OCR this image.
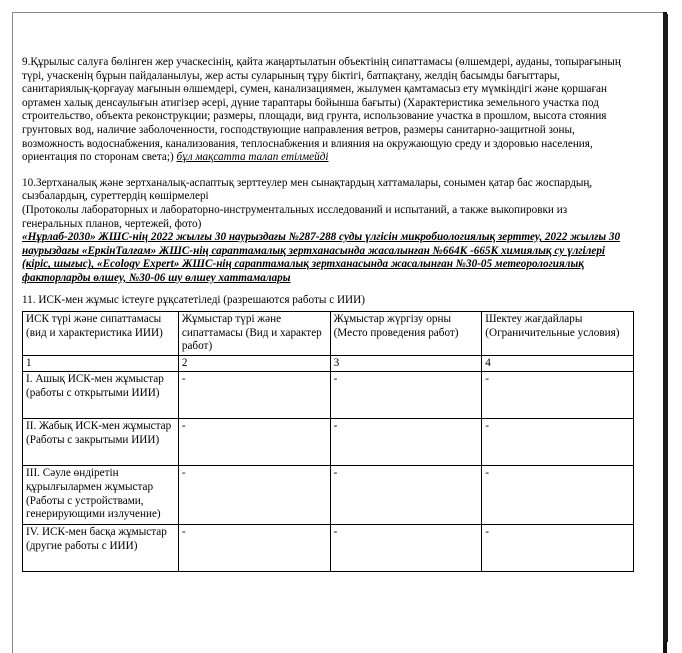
9.Құрылыс салуға бөлінген жер учаскесінің, қайта жаңартылатын объектінің сипаттамасы (өлшемдері, ауданы, топырағының түрі, учаскенің бұрын пайдаланылуы, жер асты суларының тұру біктігі, батпақтану, желдің басымды бағыттары, санитариялық-қорғауау мағынын өлшемдері, сумен, канализациямен, жылумен қамтамасыз ету мүмкіндігі және қоршаған ортамен халық денсаулығын атигізер әсері, дүние тараптары бойынша бағыты) (Характеристика земельного участка под строительство, объекта реконструкции; размеры, площади, вид грунта, использование участка в прошлом, высота стояния грунтовых вод, наличие заболоченности, господствующие направления ветров, размеры санитарно-защитной зоны, возможность водоснабжения, канализования, теплоснабжения и влияния на окружающую среду и здоровью населения, ориентация по сторонам света;) бұл мақсатта талап етілмейді

10.Зертханалық және зертханалық-аспаптық зерттеулер мен сынақтардың хаттамалары, сонымен қатар бас жоспардың, сызбалардың, суреттердің көшірмелері
(Протоколы лабораторных и лабораторно-инструментальных исследований и испытаний, а также выкопировки из генеральных планов, чертежей, фото)
«Нұрлаб-2030» ЖШС-нің 2022 жылғы 30 наурыздағы №287-288 суды үлгісін микробиологиялық зерттеу, 2022 жылғы 30 наурыздағы «ЕркінТалғам» ЖШС-нің сараптамалық зертханасында жасалынған №664К -665К химиялық су үлгілері (кіріс, шығыс), «Ecology Expert» ЖШС-нің сараптамалық зертханасында жасалынған №30-05 метеорологиялық факторларды өлшеу, №30-06 шу өлшеу хаттамалары

11. ИСК-мен жұмыс істеуге рұқсатетіледі (разрешаются работы с ИИИ)

ИСК түрі және сипаттамасы (вид и характеристика ИИИ)	Жұмыстар түрі және сипаттамасы (Вид и характер работ)	Жұмыстар жүргізу орны (Место проведения работ)	Шектеу жағдайлары (Ограничительные условия)
1	2	3	4
І. Ашық ИСК-мен жұмыстар (работы с открытыми ИИИ)	-	-	-
ІІ. Жабық ИСК-мен жұмыстар (Работы с закрытыми ИИИ)	-	-	-
ІІІ. Сәуле өндіретін құрылғылармен жұмыстар (Работы с устройствами, генерирующими излучение)	-	-	-
IV. ИСК-мен басқа жұмыстар (другие работы с ИИИ)	-	-	-
